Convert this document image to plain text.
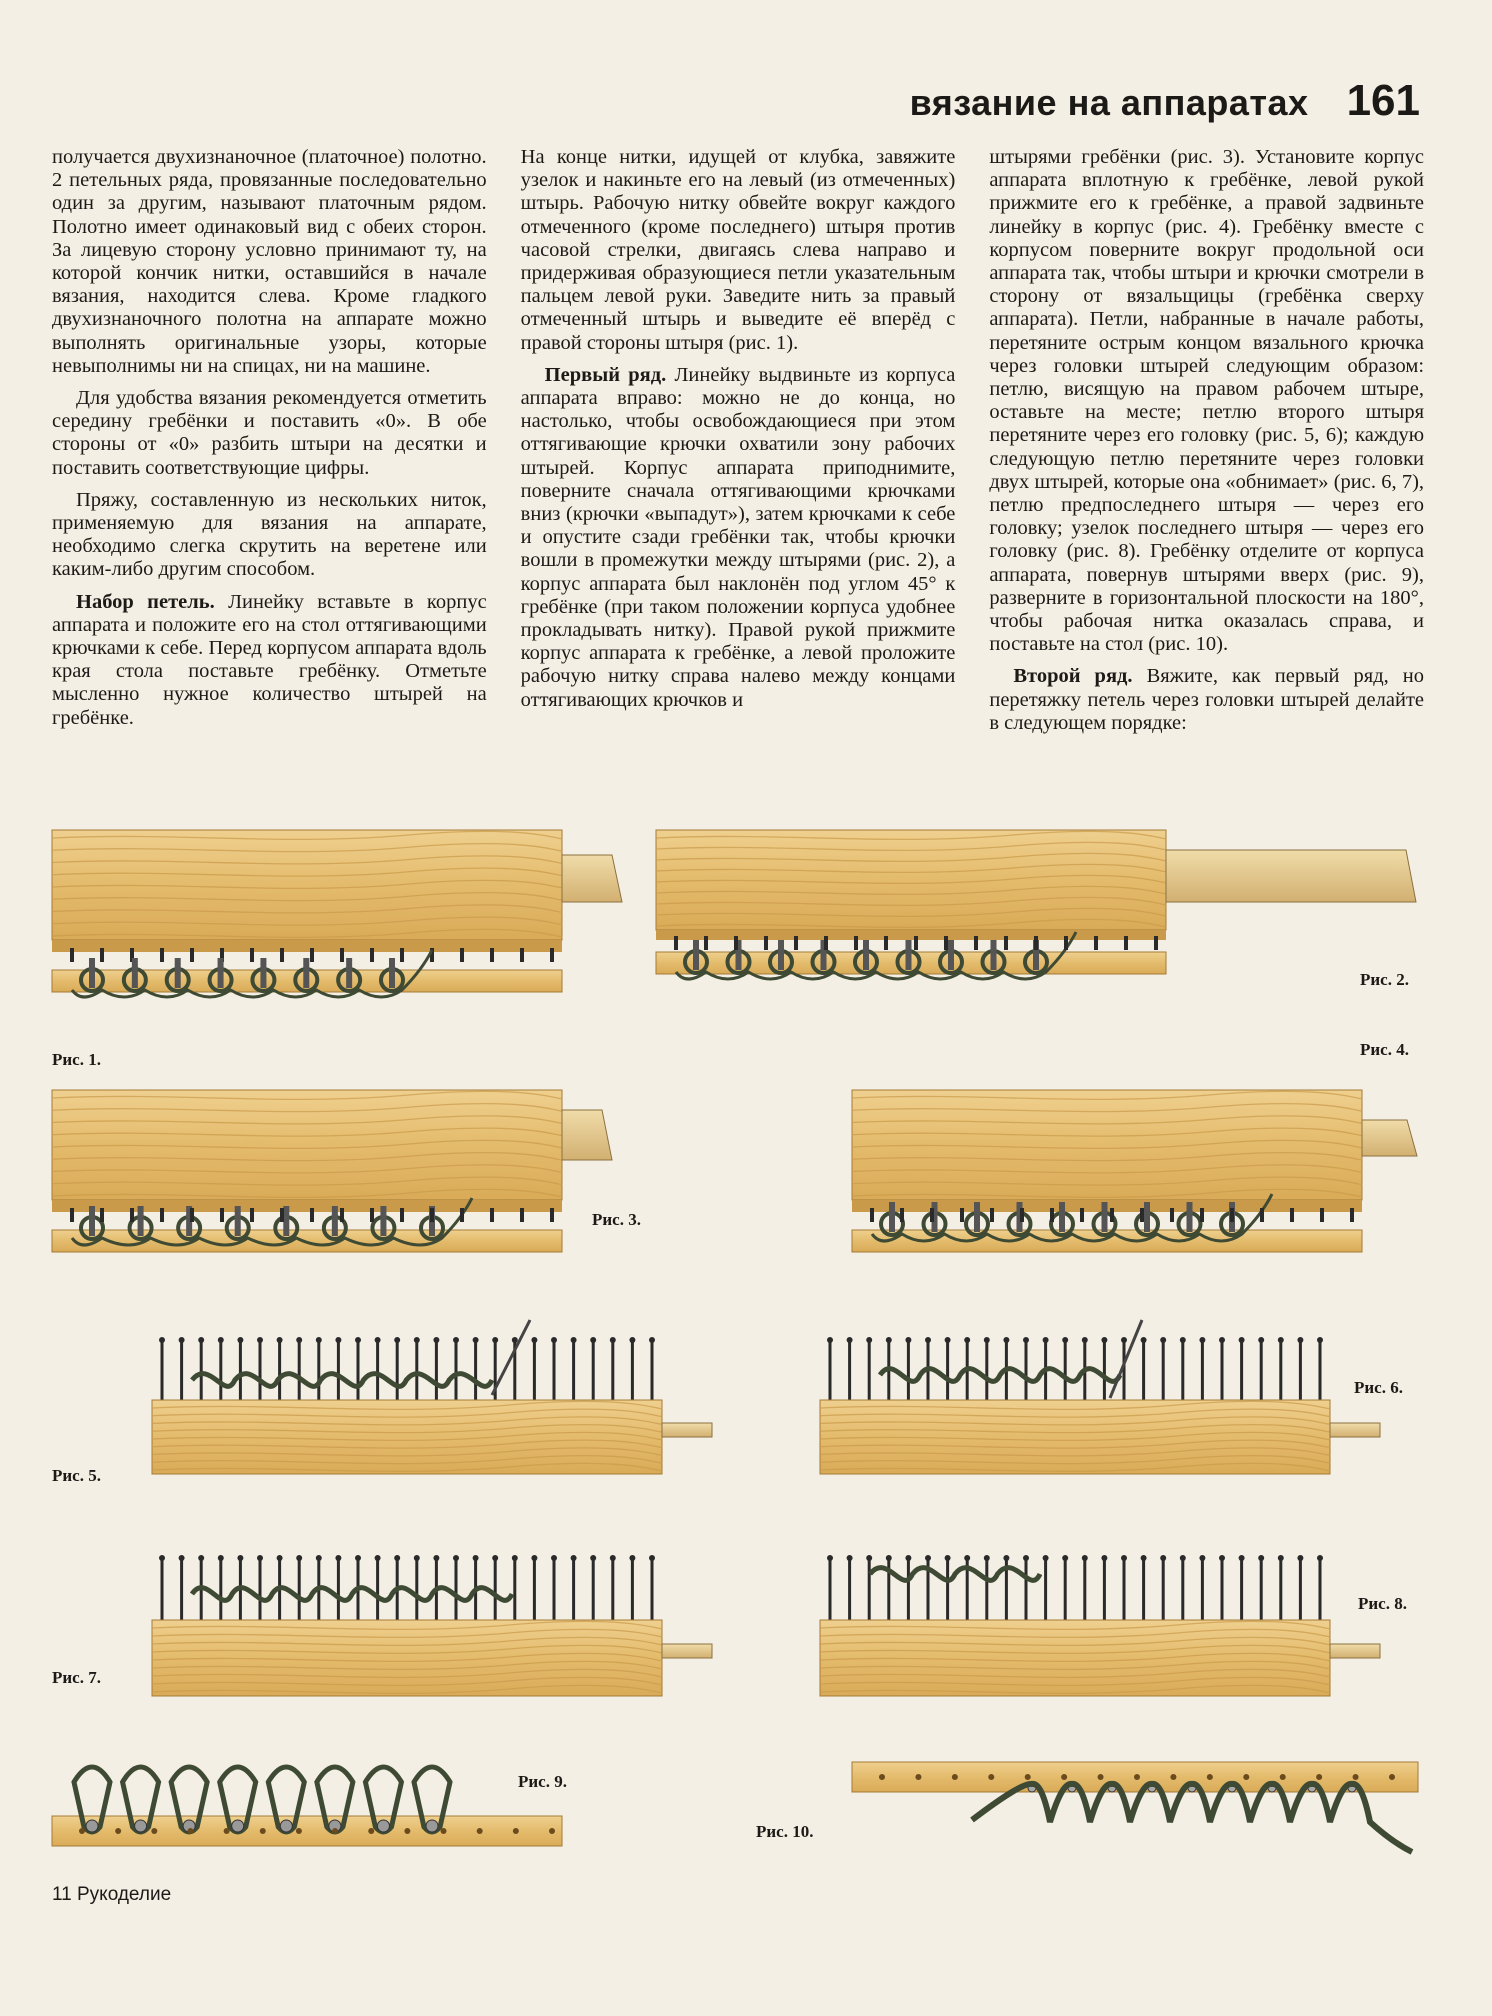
вязание на аппаратах 161

получается двухизнаночное (платочное) полотно. 2 петельных ряда, провязанные последовательно один за другим, называют платочным рядом. Полотно имеет одинаковый вид с обеих сторон. За лицевую сторону условно принимают ту, на которой кончик нитки, оставшийся в начале вязания, находится слева. Кроме гладкого двухизнаночного полотна на аппарате можно выполнять оригинальные узоры, которые невыполнимы ни на спицах, ни на машине.

Для удобства вязания рекомендуется отметить середину гребёнки и поставить «0». В обе стороны от «0» разбить штыри на десятки и поставить соответствующие цифры.

Пряжу, составленную из нескольких ниток, применяемую для вязания на аппарате, необходимо слегка скрутить на веретене или каким-либо другим способом.

Набор петель. Линейку вставьте в корпус аппарата и положите его на стол оттягивающими крючками к себе. Перед корпусом аппарата вдоль края стола поставьте гребёнку. Отметьте мысленно нужное количество штырей на гребёнке.

На конце нитки, идущей от клубка, завяжите узелок и накиньте его на левый (из отмеченных) штырь. Рабочую нитку обвейте вокруг каждого отмеченного (кроме последнего) штыря против часовой стрелки, двигаясь слева направо и придерживая образующиеся петли указательным пальцем левой руки. Заведите нить за правый отмеченный штырь и выведите её вперёд с правой стороны штыря (рис. 1).

Первый ряд. Линейку выдвиньте из корпуса аппарата вправо: можно не до конца, но настолько, чтобы освобождающиеся при этом оттягивающие крючки охватили зону рабочих штырей. Корпус аппарата приподнимите, поверните сначала оттягивающими крючками вниз (крючки «выпадут»), затем крючками к себе и опустите сзади гребёнки так, чтобы крючки вошли в промежутки между штырями (рис. 2), а корпус аппарата был наклонён под углом 45° к гребёнке (при таком положении корпуса удобнее прокладывать нитку). Правой рукой прижмите корпус аппарата к гребёнке, а левой проложите рабочую нитку справа налево между концами оттягивающих крючков и

штырями гребёнки (рис. 3). Установите корпус аппарата вплотную к гребёнке, левой рукой прижмите его к гребёнке, а правой задвиньте линейку в корпус (рис. 4). Гребёнку вместе с корпусом поверните вокруг продольной оси аппарата так, чтобы штыри и крючки смотрели в сторону от вязальщицы (гребёнка сверху аппарата). Петли, набранные в начале работы, перетяните острым концом вязального крючка через головки штырей следующим образом: петлю, висящую на правом рабочем штыре, оставьте на месте; петлю второго штыря перетяните через его головку (рис. 5, 6); каждую следующую петлю перетяните через головки двух штырей, которые она «обнимает» (рис. 6, 7), петлю предпоследнего штыря — через его головку; узелок последнего штыря — через его головку (рис. 8). Гребёнку отделите от корпуса аппарата, повернув штырями вверх (рис. 9), разверните в горизонтальной плоскости на 180°, чтобы рабочая нитка оказалась справа, и поставьте на стол (рис. 10).

Второй ряд. Вяжите, как первый ряд, но перетяжку петель через головки штырей делайте в следующем порядке:

Рис. 1.
Рис. 2.
Рис. 4.
Рис. 3.
Рис. 5.
Рис. 6.
Рис. 7.
Рис. 8.
Рис. 9.
Рис. 10.
11 Рукоделие
